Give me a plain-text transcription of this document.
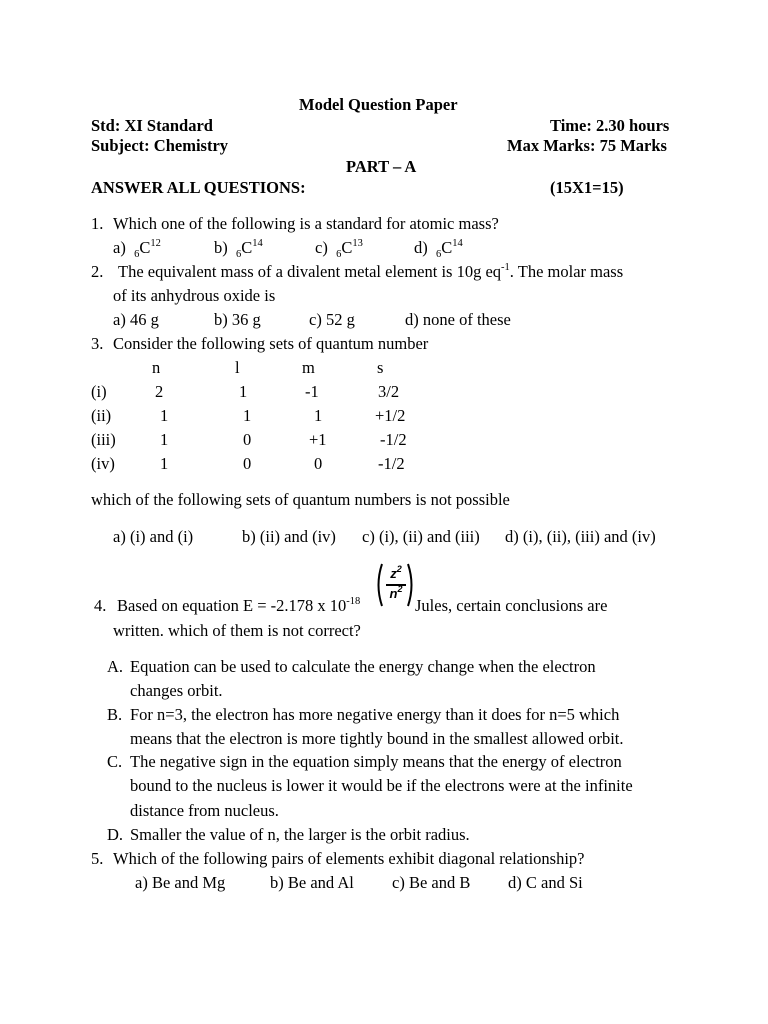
Model Question Paper
Std: XI Standard	Time: 2.30 hours
Subject: Chemistry	Max Marks: 75 Marks
PART – A
ANSWER ALL QUESTIONS:	(15X1=15)
1. Which one of the following is a standard for atomic mass?
a) $_6C^{12}$	b) $_6C^{14}$	c) $_6C^{13}$	d) $_6C^{14}$
2. The equivalent mass of a divalent metal element is 10g $eq^{-1}$. The molar mass
of its anhydrous oxide is
a) 46 g	b) 36 g	c) 52 g	d) none of these
3. Consider the following sets of quantum number
n	l	m	s
(i)	2	1	-1	3/2
(ii)	1	1	1	+1/2
(iii)	1	0	+1	-1/2
(iv)	1	0	0	-1/2
which of the following sets of quantum numbers is not possible
a) (i) and (i)	b) (ii) and (iv) c) (i), (ii) and (iii) d) (i), (ii), (iii) and (iv)
4. Based on equation E = -2.178 x $10^{-18}$
$z^2$
$n^2$
Jules, certain conclusions are
written. which of them is not correct?
A. Equation can be used to calculate the energy change when the electron
changes orbit.
B. For n=3, the electron has more negative energy than it does for n=5 which
means that the electron is more tightly bound in the smallest allowed orbit.
C. The negative sign in the equation simply means that the energy of electron
bound to the nucleus is lower it would be if the electrons were at the infinite
distance from nucleus.
D. Smaller the value of n, the larger is the orbit radius.
5. Which of the following pairs of elements exhibit diagonal relationship?
a) Be and Mg	b) Be and Al c) Be and B d) C and Si
